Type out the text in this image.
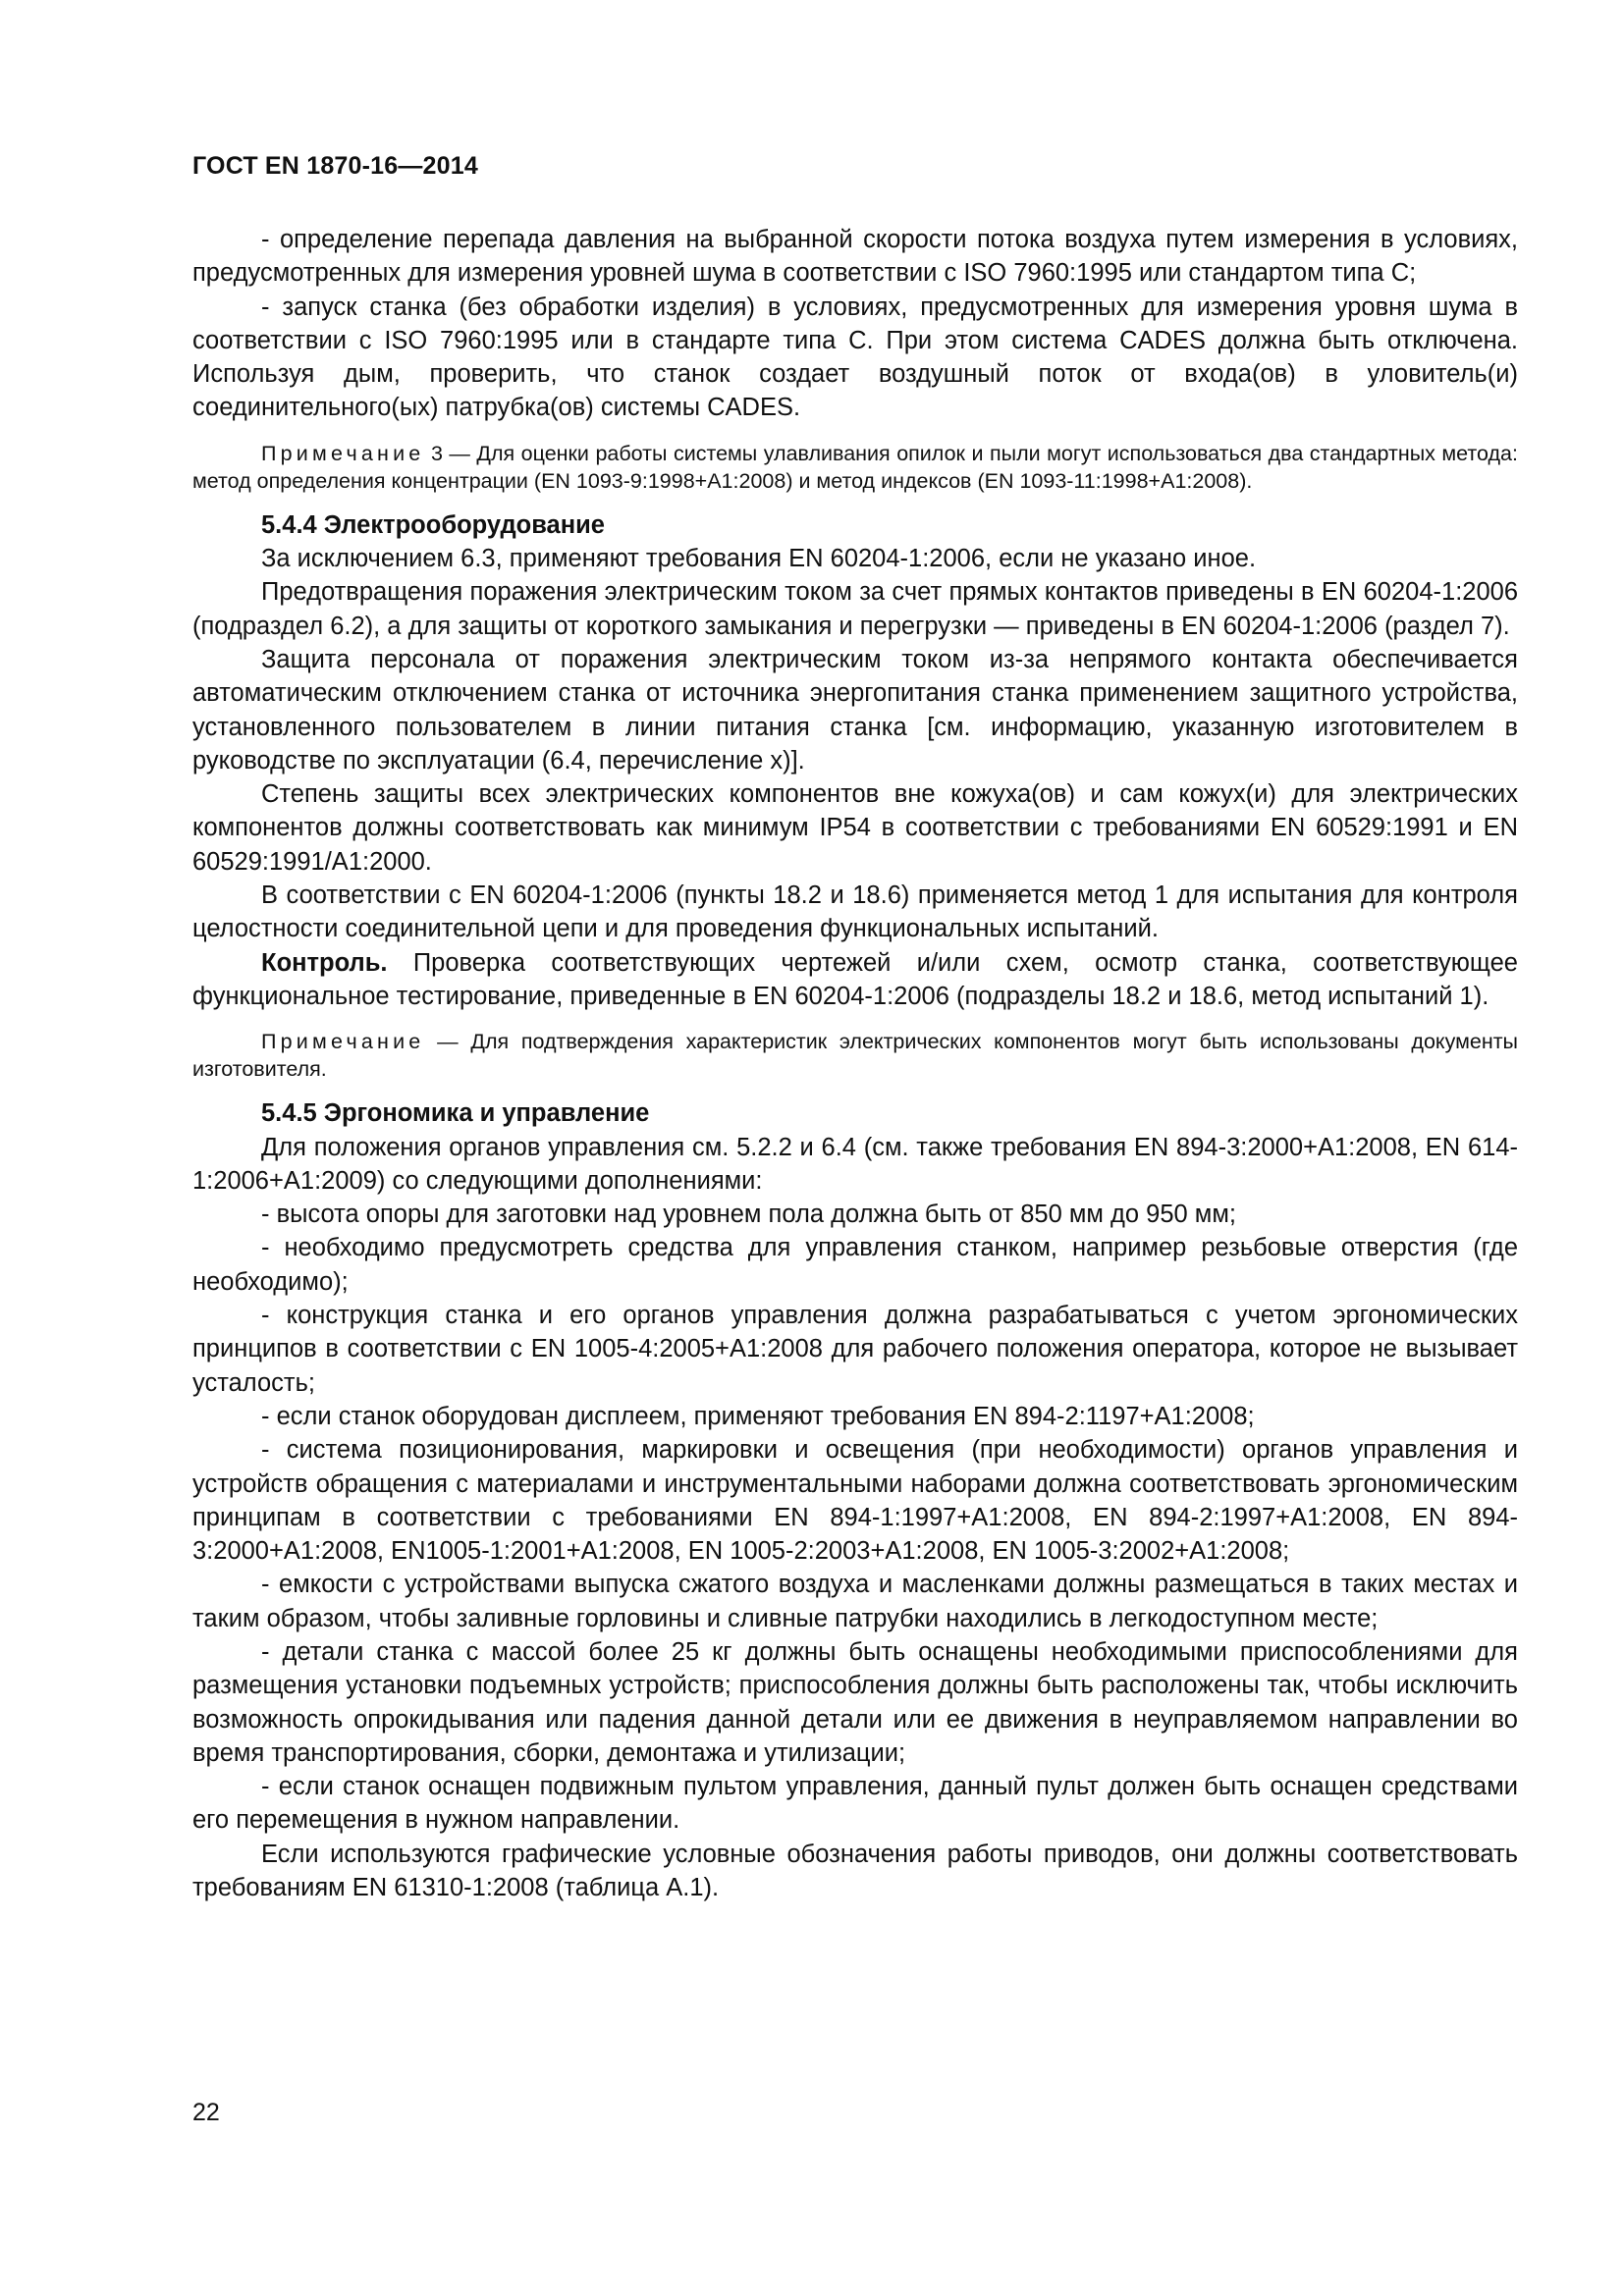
ГОСТ EN 1870-16—2014

- определение перепада давления на выбранной скорости потока воздуха путем измерения в условиях, предусмотренных для измерения уровней шума в соответствии с ISO 7960:1995 или стандартом типа С;

- запуск станка (без обработки изделия) в условиях, предусмотренных для измерения уровня шума в соответствии с ISO 7960:1995 или в стандарте типа С. При этом система CADES должна быть отключена. Используя дым, проверить, что станок создает воздушный поток от входа(ов) в уловитель(и) соединительного(ых) патрубка(ов) системы CADES.

Примечание 3 — Для оценки работы системы улавливания опилок и пыли могут использоваться два стандартных метода: метод определения концентрации (EN 1093-9:1998+A1:2008) и метод индексов (EN 1093-11:1998+A1:2008).

5.4.4 Электрооборудование

За исключением 6.3, применяют требования EN 60204-1:2006, если не указано иное.

Предотвращения поражения электрическим током за счет прямых контактов приведены в EN 60204-1:2006 (подраздел 6.2), а для защиты от короткого замыкания и перегрузки — приведены в EN 60204-1:2006 (раздел 7).

Защита персонала от поражения электрическим током из-за непрямого контакта обеспечивается автоматическим отключением станка от источника энергопитания станка применением защитного устройства, установленного пользователем в линии питания станка [см. информацию, указанную изготовителем в руководстве по эксплуатации (6.4, перечисление x)].

Степень защиты всех электрических компонентов вне кожуха(ов) и сам кожух(и) для электрических компонентов должны соответствовать как минимум IP54 в соответствии с требованиями EN 60529:1991 и EN 60529:1991/A1:2000.

В соответствии с EN 60204-1:2006 (пункты 18.2 и 18.6) применяется метод 1 для испытания для контроля целостности соединительной цепи и для проведения функциональных испытаний.

Контроль. Проверка соответствующих чертежей и/или схем, осмотр станка, соответствующее функциональное тестирование, приведенные в EN 60204-1:2006 (подразделы 18.2 и 18.6, метод испытаний 1).

Примечание — Для подтверждения характеристик электрических компонентов могут быть использованы документы изготовителя.

5.4.5 Эргономика и управление

Для положения органов управления см. 5.2.2 и 6.4 (см. также требования EN 894-3:2000+A1:2008, EN 614-1:2006+A1:2009) со следующими дополнениями:

- высота опоры для заготовки над уровнем пола должна быть от 850 мм до 950 мм;

- необходимо предусмотреть средства для управления станком, например резьбовые отверстия (где необходимо);

- конструкция станка и его органов управления должна разрабатываться с учетом эргономических принципов в соответствии с EN 1005-4:2005+A1:2008 для рабочего положения оператора, которое не вызывает усталость;

- если станок оборудован дисплеем, применяют требования EN 894-2:1197+A1:2008;

- система позиционирования, маркировки и освещения (при необходимости) органов управления и устройств обращения с материалами и инструментальными наборами должна соответствовать эргономическим принципам в соответствии с требованиями EN 894-1:1997+A1:2008, EN 894-2:1997+A1:2008, EN 894-3:2000+A1:2008, EN1005-1:2001+A1:2008, EN 1005-2:2003+A1:2008, EN 1005-3:2002+A1:2008;

- емкости с устройствами выпуска сжатого воздуха и масленками должны размещаться в таких местах и таким образом, чтобы заливные горловины и сливные патрубки находились в легкодоступном месте;

- детали станка с массой более 25 кг должны быть оснащены необходимыми приспособлениями для размещения установки подъемных устройств; приспособления должны быть расположены так, чтобы исключить возможность опрокидывания или падения данной детали или ее движения в неуправляемом направлении во время транспортирования, сборки, демонтажа и утилизации;

- если станок оснащен подвижным пультом управления, данный пульт должен быть оснащен средствами его перемещения в нужном направлении.

Если используются графические условные обозначения работы приводов, они должны соответствовать требованиям EN 61310-1:2008 (таблица A.1).

22
